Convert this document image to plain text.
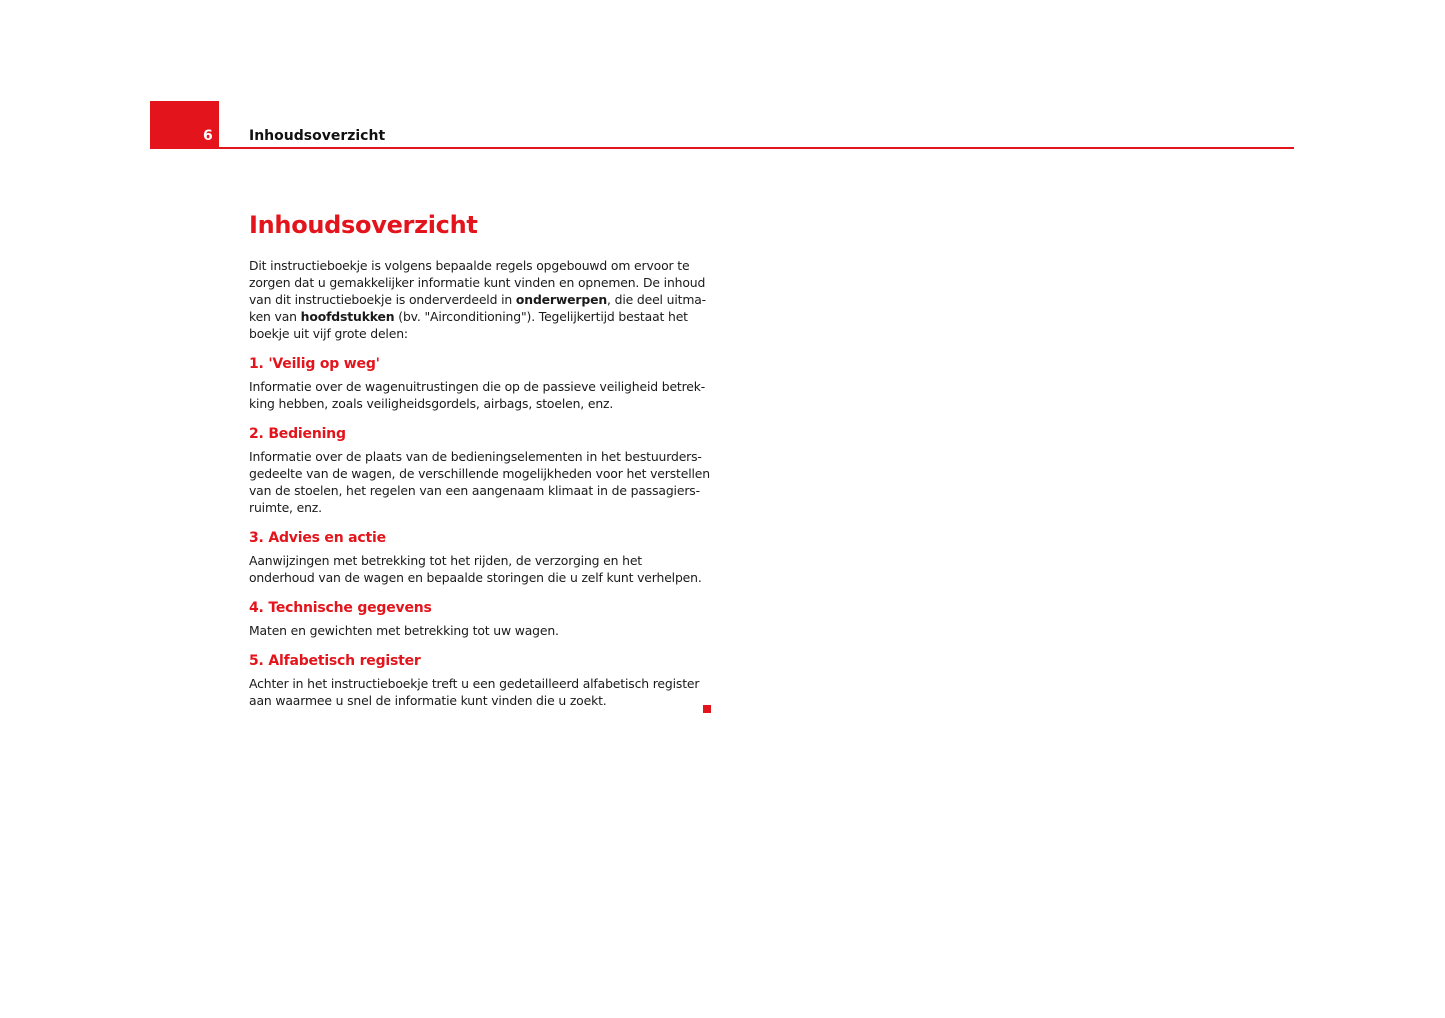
6	Inhoudsoverzicht
Inhoudsoverzicht

Dit instructieboekje is volgens bepaalde regels opgebouwd om ervoor te zorgen dat u gemakkelijker informatie kunt vinden en opnemen. De inhoud van dit instructieboekje is onderverdeeld in onderwerpen, die deel uitma-ken van hoofdstukken (bv. "Airconditioning"). Tegelijkertijd bestaat het boekje uit vijf grote delen:

1. 'Veilig op weg'

Informatie over de wagenuitrustingen die op de passieve veiligheid betrek-king hebben, zoals veiligheidsgordels, airbags, stoelen, enz.

2. Bediening

Informatie over de plaats van de bedieningselementen in het bestuurders-gedeelte van de wagen, de verschillende mogelijkheden voor het verstellen van de stoelen, het regelen van een aangenaam klimaat in de passagiers-ruimte, enz.

3. Advies en actie

Aanwijzingen met betrekking tot het rijden, de verzorging en het onderhoud van de wagen en bepaalde storingen die u zelf kunt verhelpen.

4. Technische gegevens

Maten en gewichten met betrekking tot uw wagen.

5. Alfabetisch register

Achter in het instructieboekje treft u een gedetailleerd alfabetisch register aan waarmee u snel de informatie kunt vinden die u zoekt.
